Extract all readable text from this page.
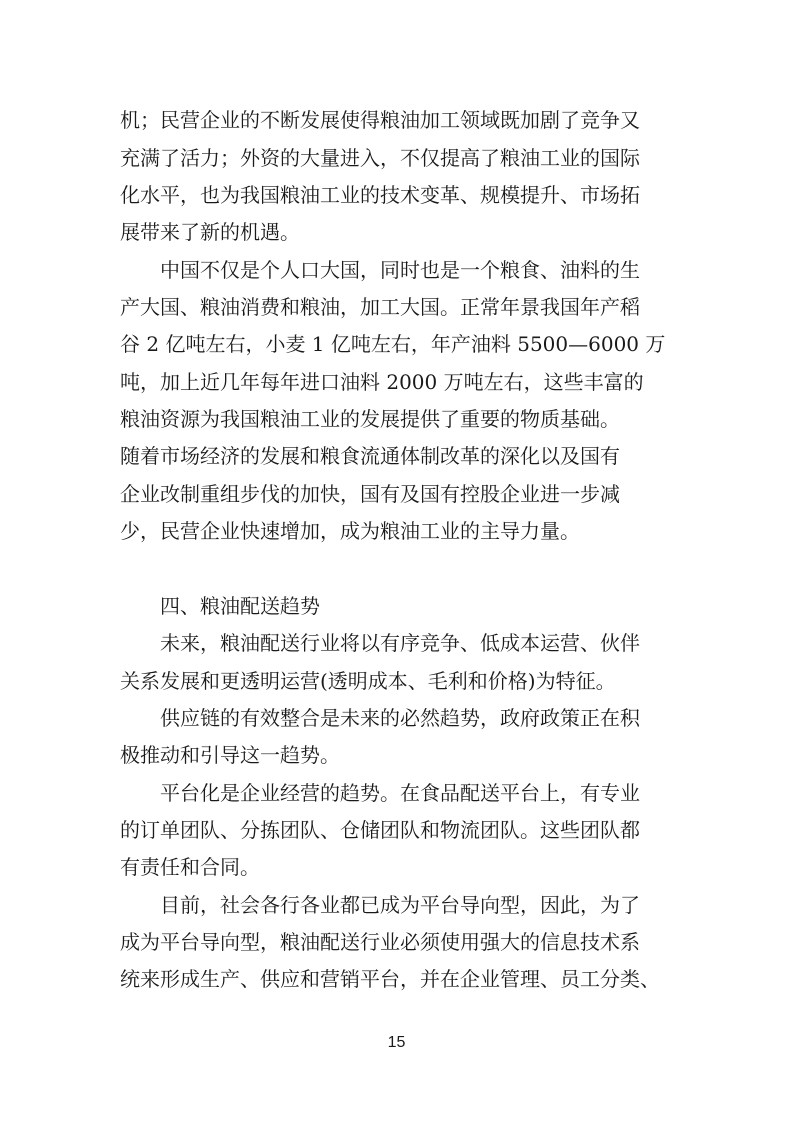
机；民营企业的不断发展使得粮油加工领域既加剧了竞争又

充满了活力；外资的大量进入，不仅提高了粮油工业的国际

化水平，也为我国粮油工业的技术变革、规模提升、市场拓

展带来了新的机遇。

　　中国不仅是个人口大国，同时也是一个粮食、油料的生

产大国、粮油消费和粮油，加工大国。正常年景我国年产稻

谷 2 亿吨左右，小麦 1 亿吨左右，年产油料 5500—6000 万

吨，加上近几年每年进口油料 2000 万吨左右，这些丰富的

粮油资源为我国粮油工业的发展提供了重要的物质基础。

随着市场经济的发展和粮食流通体制改革的深化以及国有

企业改制重组步伐的加快，国有及国有控股企业进一步减

少，民营企业快速增加，成为粮油工业的主导力量。

　　四、粮油配送趋势

　　未来，粮油配送行业将以有序竞争、低成本运营、伙伴

关系发展和更透明运营(透明成本、毛利和价格)为特征。

　　供应链的有效整合是未来的必然趋势，政府政策正在积

极推动和引导这一趋势。

　　平台化是企业经营的趋势。在食品配送平台上，有专业

的订单团队、分拣团队、仓储团队和物流团队。这些团队都

有责任和合同。

　　目前，社会各行各业都已成为平台导向型，因此，为了

成为平台导向型，粮油配送行业必须使用强大的信息技术系

统来形成生产、供应和营销平台，并在企业管理、员工分类、

15
